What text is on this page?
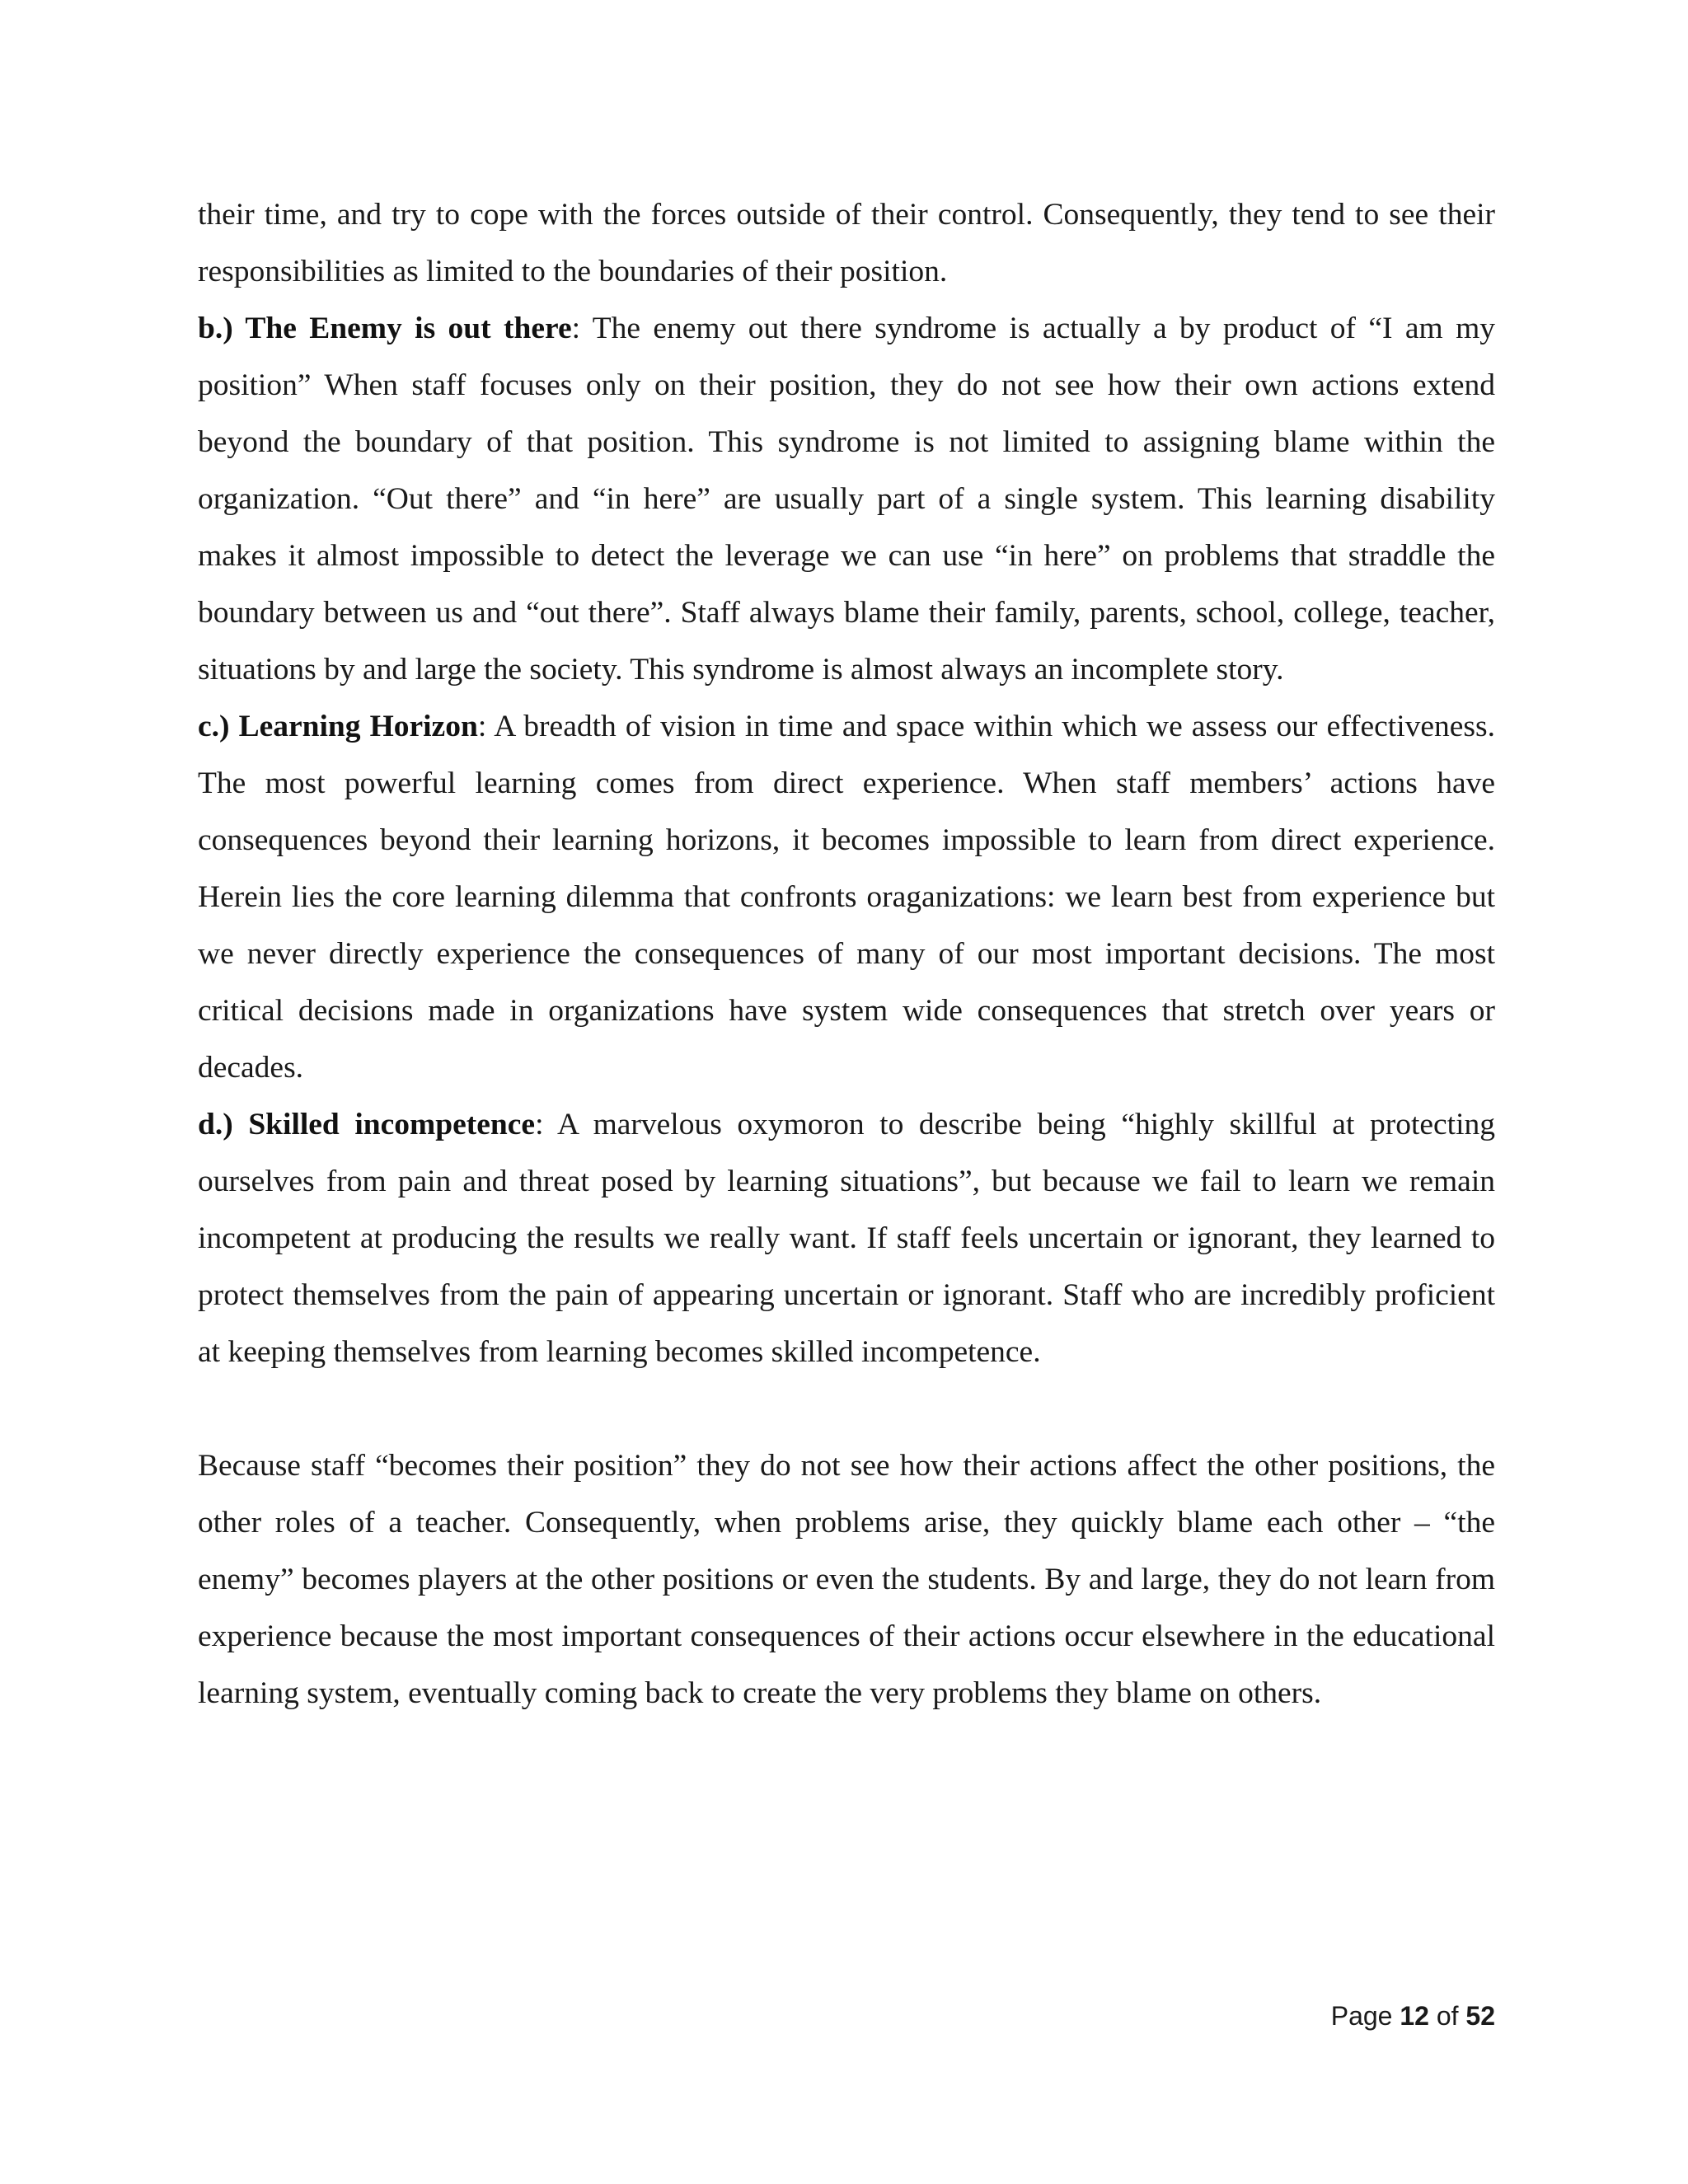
their time, and try to cope with the forces outside of their control. Consequently, they tend to see their responsibilities as limited to the boundaries of their position.

b.) The Enemy is out there: The enemy out there syndrome is actually a by product of “I am my position” When staff focuses only on their position, they do not see how their own actions extend beyond the boundary of that position. This syndrome is not limited to assigning blame within the organization. “Out there” and “in here” are usually part of a single system. This learning disability makes it almost impossible to detect the leverage we can use “in here” on problems that straddle the boundary between us and “out there”. Staff always blame their family, parents, school, college, teacher, situations by and large the society. This syndrome is almost always an incomplete story.

c.) Learning Horizon: A breadth of vision in time and space within which we assess our effectiveness. The most powerful learning comes from direct experience. When staff members’ actions have consequences beyond their learning horizons, it becomes impossible to learn from direct experience. Herein lies the core learning dilemma that confronts oraganizations: we learn best from experience but we never directly experience the consequences of many of our most important decisions. The most critical decisions made in organizations have system wide consequences that stretch over years or decades.

d.) Skilled incompetence: A marvelous oxymoron to describe being “highly skillful at protecting ourselves from pain and threat posed by learning situations”, but because we fail to learn we remain incompetent at producing the results we really want. If staff feels uncertain or ignorant, they learned to protect themselves from the pain of appearing uncertain or ignorant. Staff who are incredibly proficient at keeping themselves from learning becomes skilled incompetence.

Because staff “becomes their position” they do not see how their actions affect the other positions, the other roles of a teacher. Consequently, when problems arise, they quickly blame each other – “the enemy” becomes players at the other positions or even the students. By and large, they do not learn from experience because the most important consequences of their actions occur elsewhere in the educational learning system, eventually coming back to create the very problems they blame on others.

Page 12 of 52
